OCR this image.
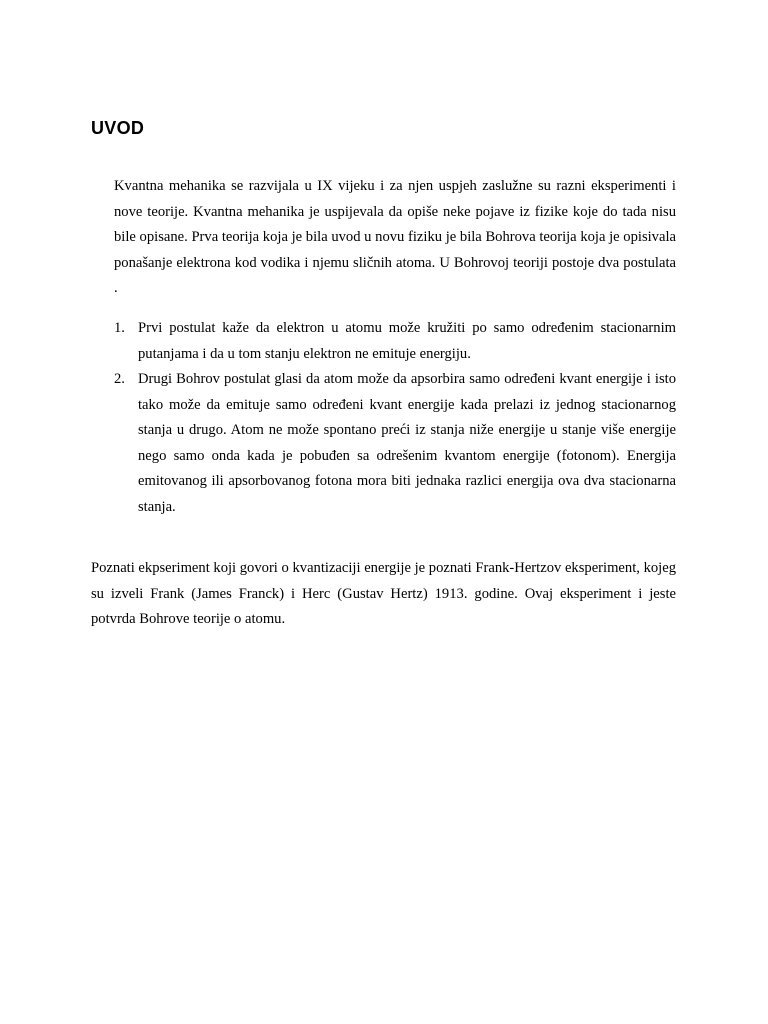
UVOD

Kvantna mehanika se razvijala u IX vijeku i za njen uspjeh zaslužne su razni eksperimenti i nove teorije. Kvantna mehanika je uspijevala da opiše neke pojave iz fizike koje do tada nisu bile opisane. Prva teorija koja je bila uvod u novu fiziku je bila Bohrova teorija koja je opisivala ponašanje elektrona kod vodika i njemu sličnih atoma. U Bohrovoj teoriji postoje dva postulata .

1. Prvi postulat kaže da elektron u atomu može kružiti po samo određenim stacionarnim putanjama i da u tom stanju elektron ne emituje energiju.
2. Drugi Bohrov postulat glasi da atom može da apsorbira samo određeni kvant energije i isto tako može da emituje samo određeni kvant energije kada prelazi iz jednog stacionarnog stanja u drugo. Atom ne može spontano preći iz stanja niže energije u stanje više energije nego samo onda kada je pobuđen sa odrešenim kvantom energije (fotonom). Energija emitovanog ili apsorbovanog fotona mora biti jednaka razlici energija ova dva stacionarna stanja.

Poznati ekpseriment koji govori o kvantizaciji energije je poznati Frank-Hertzov eksperiment, kojeg su izveli Frank (James Franck) i Herc (Gustav Hertz) 1913. godine. Ovaj eksperiment i jeste potvrda Bohrove teorije o atomu.
